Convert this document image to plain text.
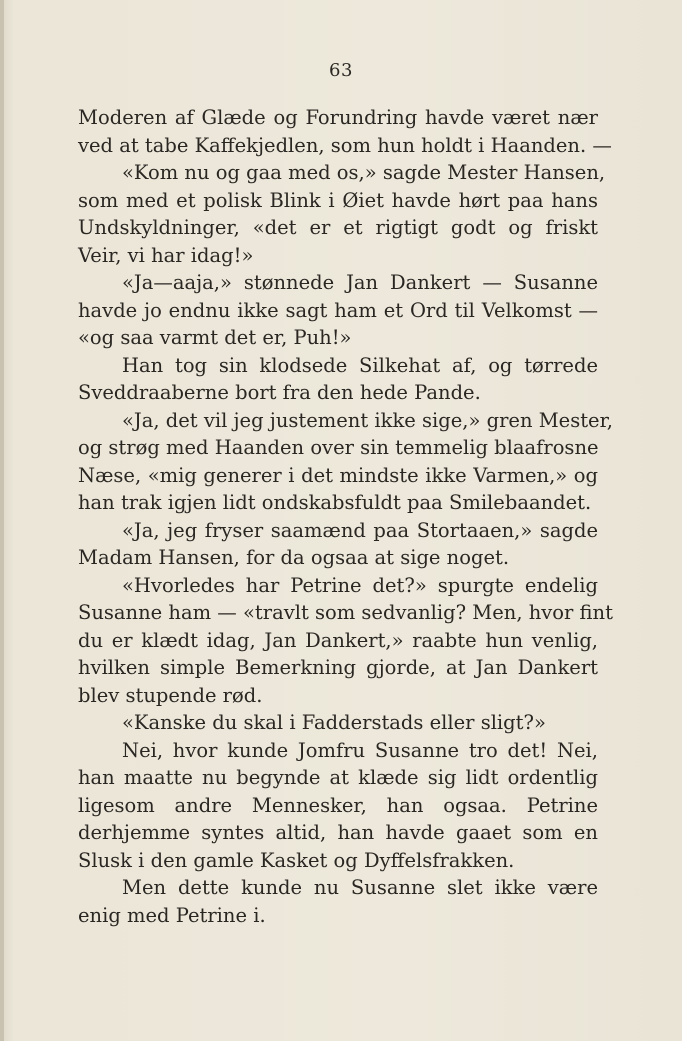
63
Moderen af Glæde og Forundring havde været nær
ved at tabe Kaffekjedlen, som hun holdt i Haanden. —
«Kom nu og gaa med os,» sagde Mester Hansen,
som med et polisk Blink i Øiet havde hørt paa hans
Undskyldninger, «det er et rigtigt godt og friskt
Veir, vi har idag!»
«Ja—aaja,» stønnede Jan Dankert — Susanne
havde jo endnu ikke sagt ham et Ord til Velkomst —
«og saa varmt det er, Puh!»
Han tog sin klodsede Silkehat af, og tørrede
Sveddraaberne bort fra den hede Pande.
«Ja, det vil jeg justement ikke sige,» gren Mester,
og strøg med Haanden over sin temmelig blaafrosne
Næse, «mig generer i det mindste ikke Varmen,» og
han trak igjen lidt ondskabsfuldt paa Smilebaandet.
«Ja, jeg fryser saamænd paa Stortaaen,» sagde
Madam Hansen, for da ogsaa at sige noget.
«Hvorledes har Petrine det?» spurgte endelig
Susanne ham — «travlt som sedvanlig? Men, hvor fint
du er klædt idag, Jan Dankert,» raabte hun venlig,
hvilken simple Bemerkning gjorde, at Jan Dankert
blev stupende rød.
«Kanske du skal i Fadderstads eller sligt?»
Nei, hvor kunde Jomfru Susanne tro det! Nei,
han maatte nu begynde at klæde sig lidt ordentlig
ligesom andre Mennesker, han ogsaa. Petrine
derhjemme syntes altid, han havde gaaet som en
Slusk i den gamle Kasket og Dyffelsfrakken.
Men dette kunde nu Susanne slet ikke være
enig med Petrine i.
